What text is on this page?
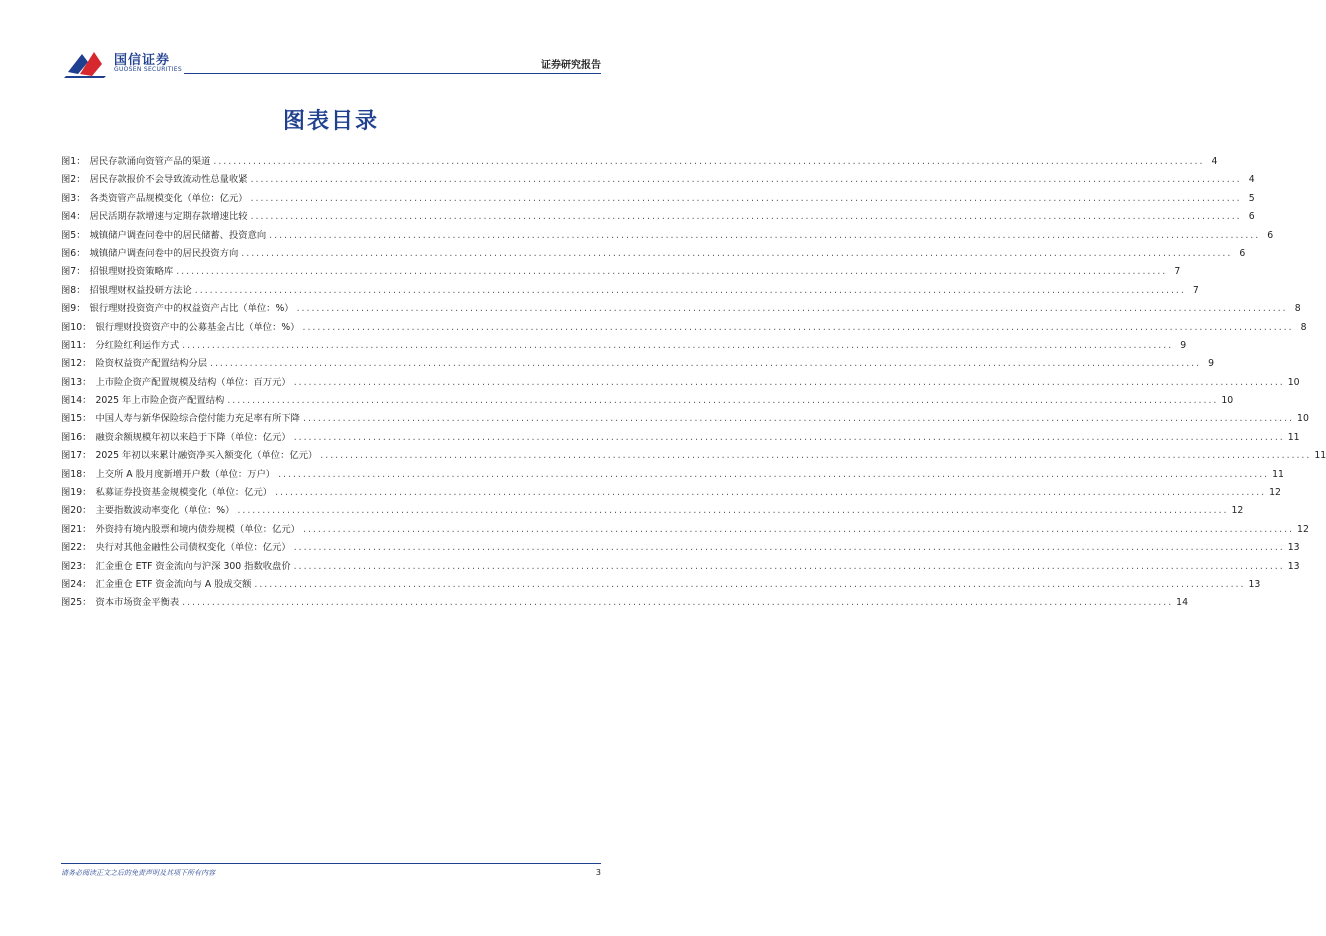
国信证券
GUOSEN SECURITIES	证券研究报告
图表目录
图1： 居民存款涌向资管产品的渠道 ........................................................................................................................................................................................................ 4
图2： 居民存款报价不会导致流动性总量收紧 ........................................................................................................................................................................................................ 4
图3： 各类资管产品规模变化（单位：亿元） ........................................................................................................................................................................................................ 5
图4： 居民活期存款增速与定期存款增速比较 ........................................................................................................................................................................................................ 6
图5： 城镇储户调查问卷中的居民储蓄、投资意向 ........................................................................................................................................................................................................ 6
图6： 城镇储户调查问卷中的居民投资方向 ........................................................................................................................................................................................................ 6
图7： 招银理财投资策略库 ........................................................................................................................................................................................................ 7
图8： 招银理财权益投研方法论 ........................................................................................................................................................................................................ 7
图9： 银行理财投资资产中的权益资产占比（单位：%） ........................................................................................................................................................................................................ 8
图10： 银行理财投资资产中的公募基金占比（单位：%） ........................................................................................................................................................................................................ 8
图11： 分红险红利运作方式 ........................................................................................................................................................................................................ 9
图12： 险资权益资产配置结构分层 ........................................................................................................................................................................................................ 9
图13： 上市险企资产配置规模及结构（单位：百万元） ........................................................................................................................................................................................................ 10
图14： 2025 年上市险企资产配置结构 ........................................................................................................................................................................................................ 10
图15： 中国人寿与新华保险综合偿付能力充足率有所下降 ........................................................................................................................................................................................................ 10
图16： 融资余额规模年初以来趋于下降（单位：亿元） ........................................................................................................................................................................................................ 11
图17： 2025 年初以来累计融资净买入额变化（单位：亿元） ........................................................................................................................................................................................................ 11
图18： 上交所 A 股月度新增开户数（单位：万户） ........................................................................................................................................................................................................ 11
图19： 私募证券投资基金规模变化（单位：亿元） ........................................................................................................................................................................................................ 12
图20： 主要指数波动率变化（单位：%） ........................................................................................................................................................................................................ 12
图21： 外资持有境内股票和境内债券规模（单位：亿元） ........................................................................................................................................................................................................ 12
图22： 央行对其他金融性公司债权变化（单位：亿元） ........................................................................................................................................................................................................ 13
图23： 汇金重仓 ETF 资金流向与沪深 300 指数收盘价 ........................................................................................................................................................................................................ 13
图24： 汇金重仓 ETF 资金流向与 A 股成交额 ........................................................................................................................................................................................................ 13
图25： 资本市场资金平衡表 ........................................................................................................................................................................................................ 14
请务必阅读正文之后的免责声明及其项下所有内容	3
